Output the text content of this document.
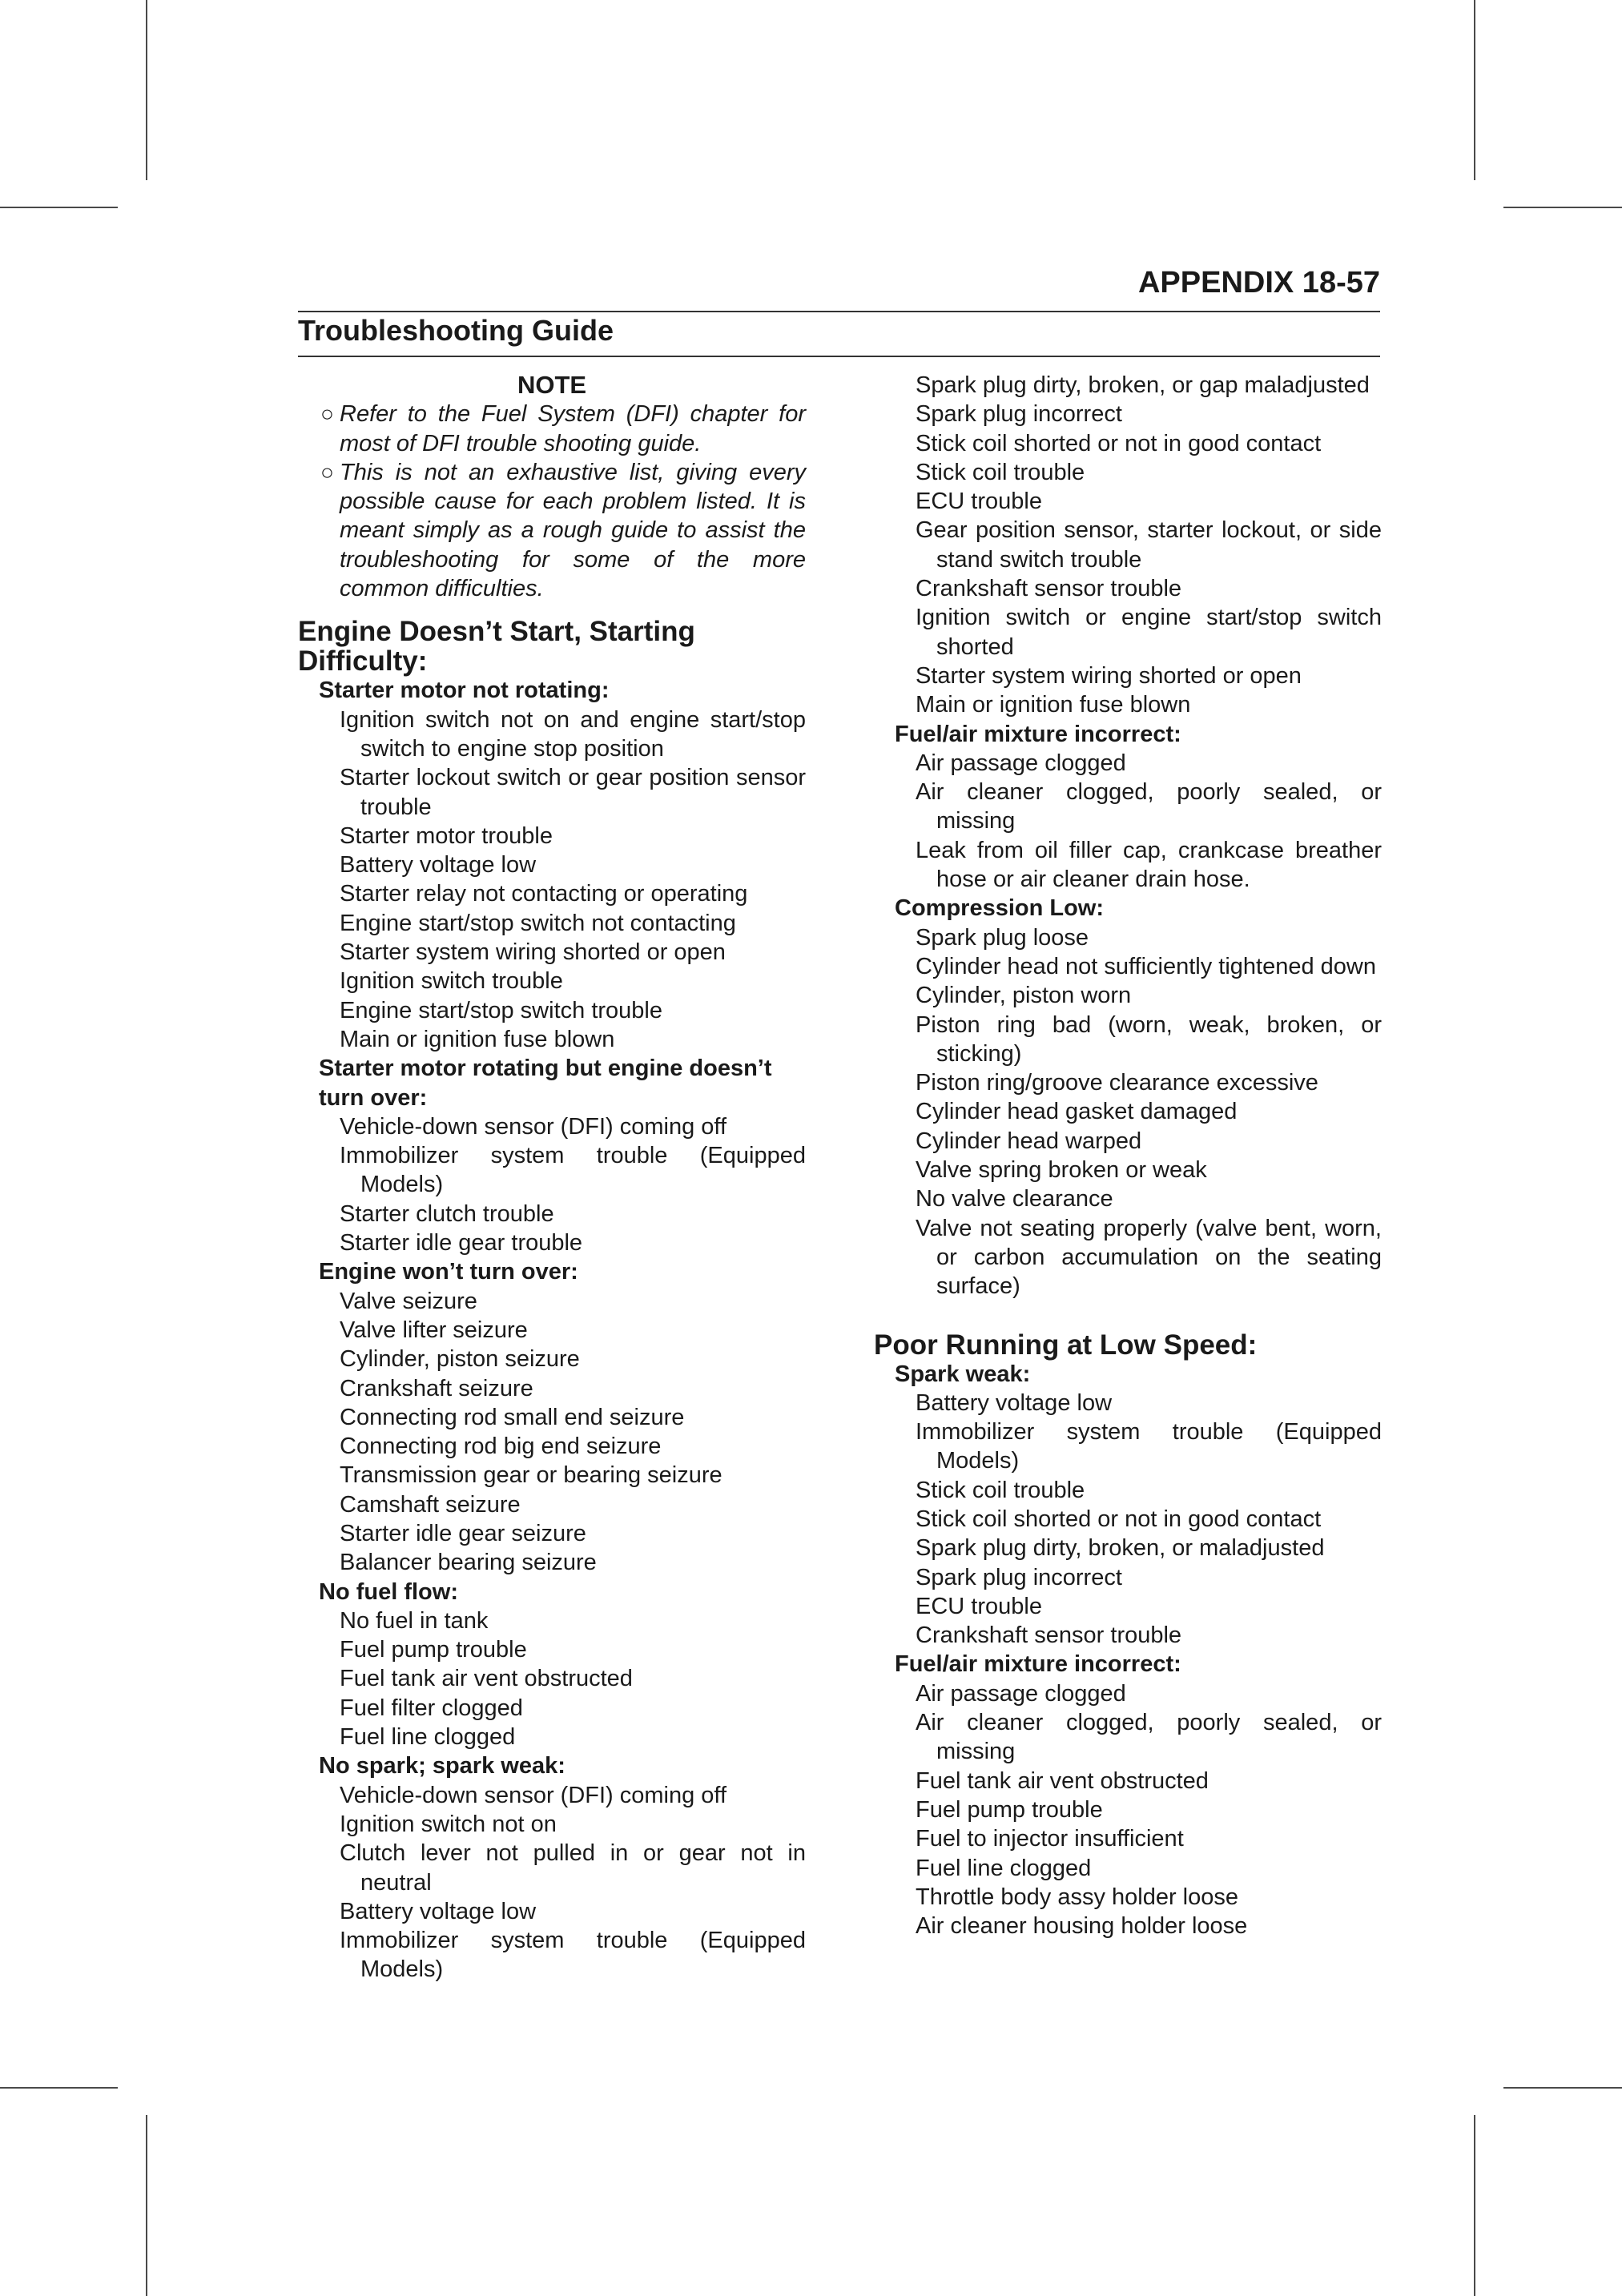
APPENDIX 18-57
Troubleshooting Guide
NOTE
○ Refer to the Fuel System (DFI) chapter for most of DFI trouble shooting guide.
○ This is not an exhaustive list, giving every possible cause for each problem listed. It is meant simply as a rough guide to assist the troubleshooting for some of the more common difficulties.
Engine Doesn’t Start, Starting Difficulty:
Starter motor not rotating:
Ignition switch not on and engine start/stop switch to engine stop position
Starter lockout switch or gear position sensor trouble
Starter motor trouble
Battery voltage low
Starter relay not contacting or operating
Engine start/stop switch not contacting
Starter system wiring shorted or open
Ignition switch trouble
Engine start/stop switch trouble
Main or ignition fuse blown
Starter motor rotating but engine doesn’t turn over:
Vehicle-down sensor (DFI) coming off
Immobilizer system trouble (Equipped Models)
Starter clutch trouble
Starter idle gear trouble
Engine won’t turn over:
Valve seizure
Valve lifter seizure
Cylinder, piston seizure
Crankshaft seizure
Connecting rod small end seizure
Connecting rod big end seizure
Transmission gear or bearing seizure
Camshaft seizure
Starter idle gear seizure
Balancer bearing seizure
No fuel flow:
No fuel in tank
Fuel pump trouble
Fuel tank air vent obstructed
Fuel filter clogged
Fuel line clogged
No spark; spark weak:
Vehicle-down sensor (DFI) coming off
Ignition switch not on
Clutch lever not pulled in or gear not in neutral
Battery voltage low
Immobilizer system trouble (Equipped Models)
Spark plug dirty, broken, or gap maladjusted
Spark plug incorrect
Stick coil shorted or not in good contact
Stick coil trouble
ECU trouble
Gear position sensor, starter lockout, or side stand switch trouble
Crankshaft sensor trouble
Ignition switch or engine start/stop switch shorted
Starter system wiring shorted or open
Main or ignition fuse blown
Fuel/air mixture incorrect:
Air passage clogged
Air cleaner clogged, poorly sealed, or missing
Leak from oil filler cap, crankcase breather hose or air cleaner drain hose.
Compression Low:
Spark plug loose
Cylinder head not sufficiently tightened down
Cylinder, piston worn
Piston ring bad (worn, weak, broken, or sticking)
Piston ring/groove clearance excessive
Cylinder head gasket damaged
Cylinder head warped
Valve spring broken or weak
No valve clearance
Valve not seating properly (valve bent, worn, or carbon accumulation on the seating surface)
Poor Running at Low Speed:
Spark weak:
Battery voltage low
Immobilizer system trouble (Equipped Models)
Stick coil trouble
Stick coil shorted or not in good contact
Spark plug dirty, broken, or maladjusted
Spark plug incorrect
ECU trouble
Crankshaft sensor trouble
Fuel/air mixture incorrect:
Air passage clogged
Air cleaner clogged, poorly sealed, or missing
Fuel tank air vent obstructed
Fuel pump trouble
Fuel to injector insufficient
Fuel line clogged
Throttle body assy holder loose
Air cleaner housing holder loose
